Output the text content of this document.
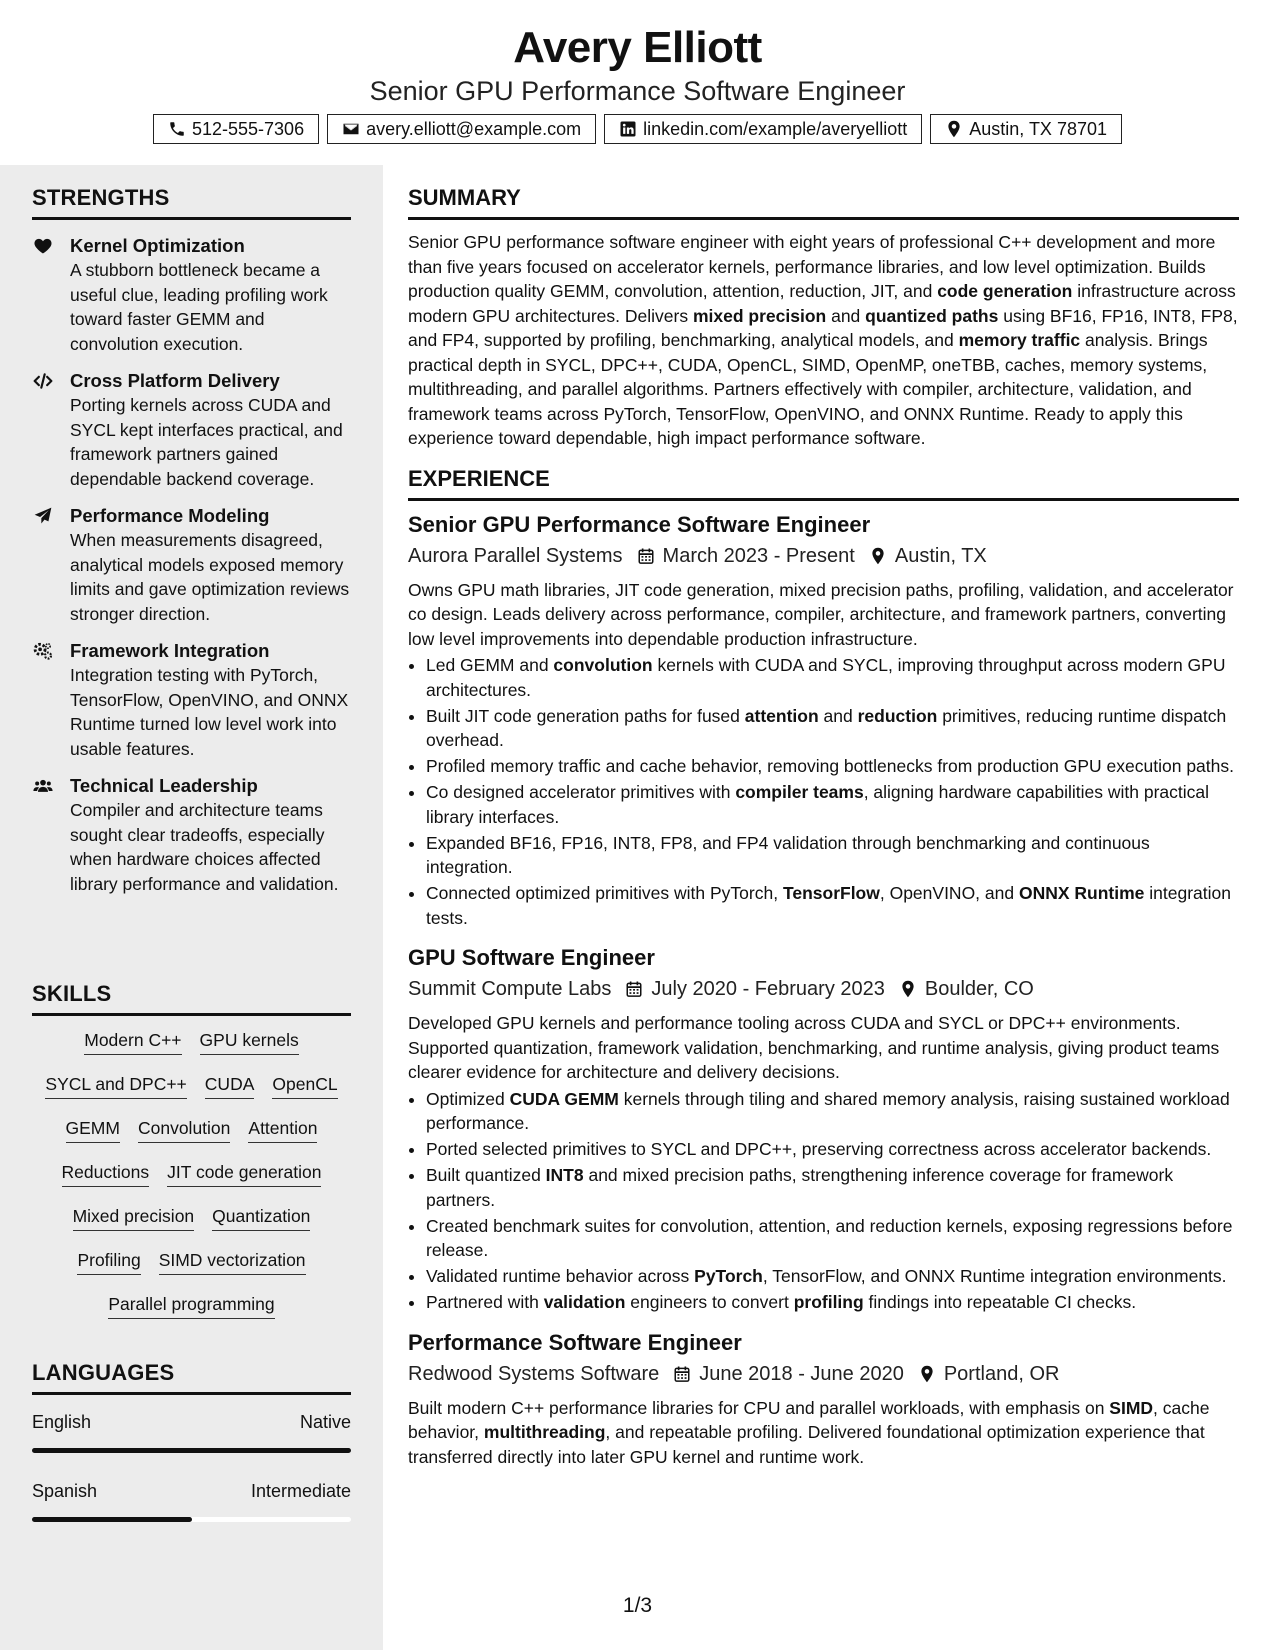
Avery Elliott
Senior GPU Performance Software Engineer
512-555-7306	avery.elliott@example.com	linkedin.com/example/averyelliott	Austin, TX 78701
STRENGTHS
Kernel Optimization
A stubborn bottleneck became a useful clue, leading profiling work toward faster GEMM and convolution execution.
Cross Platform Delivery
Porting kernels across CUDA and SYCL kept interfaces practical, and framework partners gained dependable backend coverage.
Performance Modeling
When measurements disagreed, analytical models exposed memory limits and gave optimization reviews stronger direction.
Framework Integration
Integration testing with PyTorch, TensorFlow, OpenVINO, and ONNX Runtime turned low level work into usable features.
Technical Leadership
Compiler and architecture teams sought clear tradeoffs, especially when hardware choices affected library performance and validation.
SKILLS
Modern C++ GPU kernels
SYCL and DPC++ CUDA OpenCL
GEMM Convolution Attention
Reductions JIT code generation
Mixed precision Quantization
Profiling SIMD vectorization
Parallel programming
LANGUAGES
English	Native
Spanish	Intermediate
SUMMARY
Senior GPU performance software engineer with eight years of professional C++ development and more than five years focused on accelerator kernels, performance libraries, and low level optimization. Builds production quality GEMM, convolution, attention, reduction, JIT, and code generation infrastructure across modern GPU architectures. Delivers mixed precision and quantized paths using BF16, FP16, INT8, FP8, and FP4, supported by profiling, benchmarking, analytical models, and memory traffic analysis. Brings practical depth in SYCL, DPC++, CUDA, OpenCL, SIMD, OpenMP, oneTBB, caches, memory systems, multithreading, and parallel algorithms. Partners effectively with compiler, architecture, validation, and framework teams across PyTorch, TensorFlow, OpenVINO, and ONNX Runtime. Ready to apply this experience toward dependable, high impact performance software.
EXPERIENCE
Senior GPU Performance Software Engineer
Aurora Parallel Systems March 2023 - Present Austin, TX
Owns GPU math libraries, JIT code generation, mixed precision paths, profiling, validation, and accelerator co design. Leads delivery across performance, compiler, architecture, and framework partners, converting low level improvements into dependable production infrastructure.
• Led GEMM and convolution kernels with CUDA and SYCL, improving throughput across modern GPU architectures.
• Built JIT code generation paths for fused attention and reduction primitives, reducing runtime dispatch overhead.
• Profiled memory traffic and cache behavior, removing bottlenecks from production GPU execution paths.
• Co designed accelerator primitives with compiler teams, aligning hardware capabilities with practical library interfaces.
• Expanded BF16, FP16, INT8, FP8, and FP4 validation through benchmarking and continuous integration.
• Connected optimized primitives with PyTorch, TensorFlow, OpenVINO, and ONNX Runtime integration tests.
GPU Software Engineer
Summit Compute Labs July 2020 - February 2023 Boulder, CO
Developed GPU kernels and performance tooling across CUDA and SYCL or DPC++ environments. Supported quantization, framework validation, benchmarking, and runtime analysis, giving product teams clearer evidence for architecture and delivery decisions.
• Optimized CUDA GEMM kernels through tiling and shared memory analysis, raising sustained workload performance.
• Ported selected primitives to SYCL and DPC++, preserving correctness across accelerator backends.
• Built quantized INT8 and mixed precision paths, strengthening inference coverage for framework partners.
• Created benchmark suites for convolution, attention, and reduction kernels, exposing regressions before release.
• Validated runtime behavior across PyTorch, TensorFlow, and ONNX Runtime integration environments.
• Partnered with validation engineers to convert profiling findings into repeatable CI checks.
Performance Software Engineer
Redwood Systems Software June 2018 - June 2020 Portland, OR
Built modern C++ performance libraries for CPU and parallel workloads, with emphasis on SIMD, cache behavior, multithreading, and repeatable profiling. Delivered foundational optimization experience that transferred directly into later GPU kernel and runtime work.
1/3
